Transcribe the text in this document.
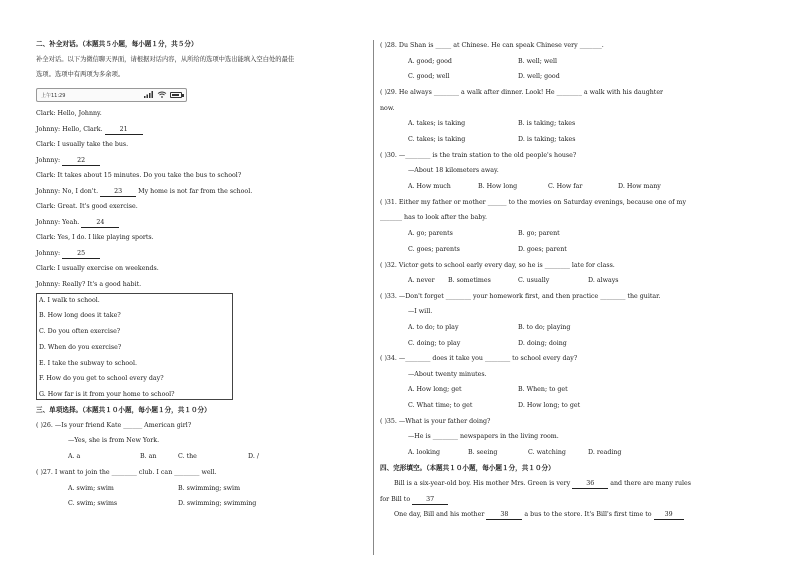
二、补全对话。（本题共５小题，每小题１分，共５分）
补全对话。以下为微信聊天界面，请根据对话内容，从所给的选项中选出能填入空白处的最佳
选项。选项中有两项为多余项。
上午11:29
Clark: Hello, Johnny.
Johnny: Hello, Clark.	21
Clark: I usually take the bus.
Johnny:	22
Clark: It takes about 15 minutes. Do you take the bus to school?
Johnny: No, I don't.	23	My home is not far from the school.
Clark: Great. It's good exercise.
Johnny: Yeah.	24
Clark: Yes, I do. I like playing sports.
Johnny:	25
Clark: I usually exercise on weekends.
Johnny: Really? It's a good habit.
A. I walk to school.
B. How long does it take?
C. Do you often exercise?
D. When do you exercise?
E. I take the subway to school.
F. How do you get to school every day?
G. How far is it from your home to school?
三、单项选择。（本题共１０小题，每小题１分，共１０分）
( )26. —Is your friend Kate ______ American girl?
—Yes, she is from New York.
A. a	B. an	C. the	D. /
( )27. I want to join the ________ club. I can ________ well.
A. swim; swim	B. swimming; swim
C. swim; swims	D. swimming; swimming
( )28. Du Shan is _____ at Chinese. He can speak Chinese very _______.
A. good; good	B. well; well
C. good; well	D. well; good
( )29. He always ________ a walk after dinner. Look! He ________ a walk with his daughter
now.
A. takes; is taking	B. is taking; takes
C. takes; is taking	D. is taking; takes
( )30. —________ is the train station to the old people's house?
—About 18 kilometers away.
A. How much	B. How long	C. How far	D. How many
( )31. Either my father or mother ______ to the movies on Saturday evenings, because one of my
_______ has to look after the baby.
A. go; parents	B. go; parent
C. goes; parents	D. goes; parent
( )32. Victor gets to school early every day, so he is ________ late for class.
A. never B. sometimes	C. usually	D. always
( )33. —Don't forget ________ your homework first, and then practice ________ the guitar.
—I will.
A. to do; to play	B. to do; playing
C. doing; to play	D. doing; doing
( )34. —________ does it take you ________ to school every day?
—About twenty minutes.
A. How long; get	B. When; to get
C. What time; to get	D. How long; to get
( )35. —What is your father doing?
—He is ________ newspapers in the living room.
A. looking	B. seeing	C. watching	D. reading
四、完形填空。（本题共１０小题，每小题１分，共１０分）
Bill is a six-year-old boy. His mother Mrs. Green is very	36	and there are many rules
for Bill to	37
One day, Bill and his mother	38	a bus to the store. It's Bill's first time to 39
